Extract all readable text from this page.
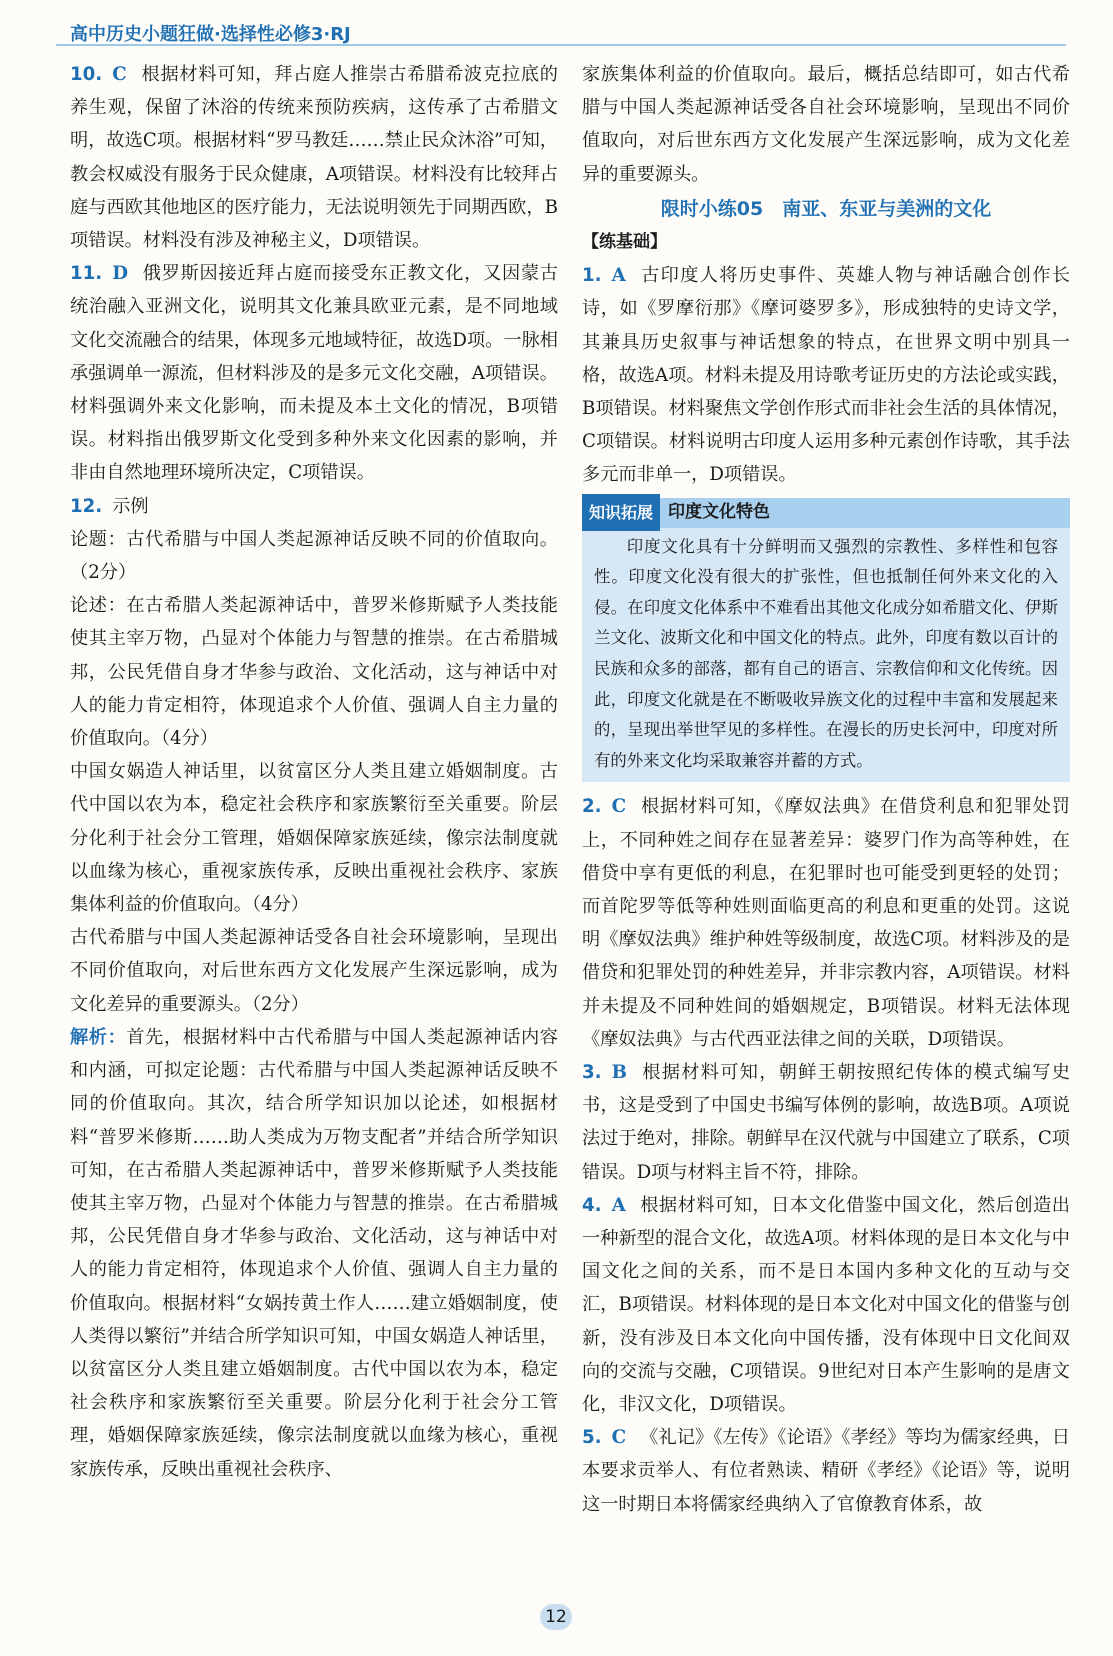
高中历史小题狂做·选择性必修3·RJ

10. C 根据材料可知，拜占庭人推崇古希腊希波克拉底的养生观，保留了沐浴的传统来预防疾病，这传承了古希腊文明，故选C项。根据材料“罗马教廷……禁止民众沐浴”可知，教会权威没有服务于民众健康，A项错误。材料没有比较拜占庭与西欧其他地区的医疗能力，无法说明领先于同期西欧，B项错误。材料没有涉及神秘主义，D项错误。

11. D 俄罗斯因接近拜占庭而接受东正教文化，又因蒙古统治融入亚洲文化，说明其文化兼具欧亚元素，是不同地域文化交流融合的结果，体现多元地域特征，故选D项。一脉相承强调单一源流，但材料涉及的是多元文化交融，A项错误。材料强调外来文化影响，而未提及本土文化的情况，B项错误。材料指出俄罗斯文化受到多种外来文化因素的影响，并非由自然地理环境所决定，C项错误。

12. 示例

论题：古代希腊与中国人类起源神话反映不同的价值取向。（2分）

论述：在古希腊人类起源神话中，普罗米修斯赋予人类技能使其主宰万物，凸显对个体能力与智慧的推崇。在古希腊城邦，公民凭借自身才华参与政治、文化活动，这与神话中对人的能力肯定相符，体现追求个人价值、强调人自主力量的价值取向。（4分）

中国女娲造人神话里，以贫富区分人类且建立婚姻制度。古代中国以农为本，稳定社会秩序和家族繁衍至关重要。阶层分化利于社会分工管理，婚姻保障家族延续，像宗法制度就以血缘为核心，重视家族传承，反映出重视社会秩序、家族集体利益的价值取向。（4分）

古代希腊与中国人类起源神话受各自社会环境影响，呈现出不同价值取向，对后世东西方文化发展产生深远影响，成为文化差异的重要源头。（2分）

解析：首先，根据材料中古代希腊与中国人类起源神话内容和内涵，可拟定论题：古代希腊与中国人类起源神话反映不同的价值取向。其次，结合所学知识加以论述，如根据材料“普罗米修斯……助人类成为万物支配者”并结合所学知识可知，在古希腊人类起源神话中，普罗米修斯赋予人类技能使其主宰万物，凸显对个体能力与智慧的推崇。在古希腊城邦，公民凭借自身才华参与政治、文化活动，这与神话中对人的能力肯定相符，体现追求个人价值、强调人自主力量的价值取向。根据材料“女娲抟黄土作人……建立婚姻制度，使人类得以繁衍”并结合所学知识可知，中国女娲造人神话里，以贫富区分人类且建立婚姻制度。古代中国以农为本，稳定社会秩序和家族繁衍至关重要。阶层分化利于社会分工管理，婚姻保障家族延续，像宗法制度就以血缘为核心，重视家族传承，反映出重视社会秩序、

家族集体利益的价值取向。最后，概括总结即可，如古代希腊与中国人类起源神话受各自社会环境影响，呈现出不同价值取向，对后世东西方文化发展产生深远影响，成为文化差异的重要源头。

限时小练05　南亚、东亚与美洲的文化
【练基础】

1. A 古印度人将历史事件、英雄人物与神话融合创作长诗，如《罗摩衍那》《摩诃婆罗多》，形成独特的史诗文学，其兼具历史叙事与神话想象的特点，在世界文明中别具一格，故选A项。材料未提及用诗歌考证历史的方法论或实践，B项错误。材料聚焦文学创作形式而非社会生活的具体情况，C项错误。材料说明古印度人运用多种元素创作诗歌，其手法多元而非单一，D项错误。

知识拓展 印度文化特色

印度文化具有十分鲜明而又强烈的宗教性、多样性和包容性。印度文化没有很大的扩张性，但也抵制任何外来文化的入侵。在印度文化体系中不难看出其他文化成分如希腊文化、伊斯兰文化、波斯文化和中国文化的特点。此外，印度有数以百计的民族和众多的部落，都有自己的语言、宗教信仰和文化传统。因此，印度文化就是在不断吸收异族文化的过程中丰富和发展起来的，呈现出举世罕见的多样性。在漫长的历史长河中，印度对所有的外来文化均采取兼容并蓄的方式。

2. C 根据材料可知，《摩奴法典》在借贷利息和犯罪处罚上，不同种姓之间存在显著差异：婆罗门作为高等种姓，在借贷中享有更低的利息，在犯罪时也可能受到更轻的处罚；而首陀罗等低等种姓则面临更高的利息和更重的处罚。这说明《摩奴法典》维护种姓等级制度，故选C项。材料涉及的是借贷和犯罪处罚的种姓差异，并非宗教内容，A项错误。材料并未提及不同种姓间的婚姻规定，B项错误。材料无法体现《摩奴法典》与古代西亚法律之间的关联，D项错误。

3. B 根据材料可知，朝鲜王朝按照纪传体的模式编写史书，这是受到了中国史书编写体例的影响，故选B项。A项说法过于绝对，排除。朝鲜早在汉代就与中国建立了联系，C项错误。D项与材料主旨不符，排除。

4. A 根据材料可知，日本文化借鉴中国文化，然后创造出一种新型的混合文化，故选A项。材料体现的是日本文化与中国文化之间的关系，而不是日本国内多种文化的互动与交汇，B项错误。材料体现的是日本文化对中国文化的借鉴与创新，没有涉及日本文化向中国传播，没有体现中日文化间双向的交流与交融，C项错误。9世纪对日本产生影响的是唐文化，非汉文化，D项错误。

5. C 《礼记》《左传》《论语》《孝经》等均为儒家经典，日本要求贡举人、有位者熟读、精研《孝经》《论语》等，说明这一时期日本将儒家经典纳入了官僚教育体系，故

12
